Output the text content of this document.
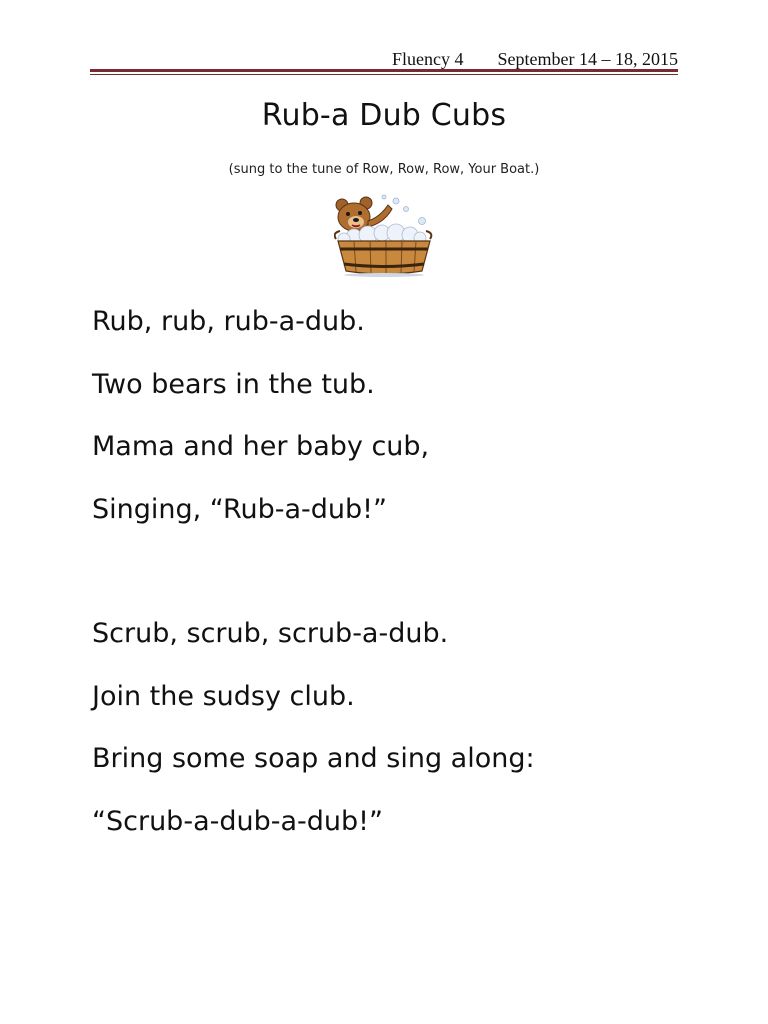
Fluency 4 September 14 – 18, 2015
Rub-a Dub Cubs
(sung to the tune of Row, Row, Row, Your Boat.)
Rub, rub, rub-a-dub.
Two bears in the tub.
Mama and her baby cub,
Singing, “Rub-a-dub!”
Scrub, scrub, scrub-a-dub.
Join the sudsy club.
Bring some soap and sing along:
“Scrub-a-dub-a-dub!”
